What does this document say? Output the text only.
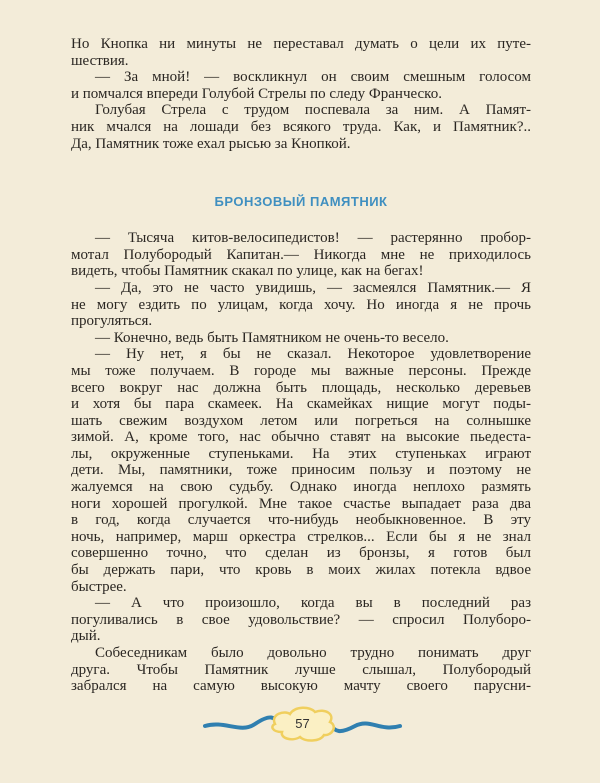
Но Кнопка ни минуты не переставал думать о цели их путе-
шествия.
— За мной! — воскликнул он своим смешным голосом
и помчался впереди Голубой Стрелы по следу Франческо.
Голубая Стрела с трудом поспевала за ним. А Памят-
ник мчался на лошади без всякого труда. Как, и Памятник?..
Да, Памятник тоже ехал рысью за Кнопкой.
БРОНЗОВЫЙ ПАМЯТНИК
— Тысяча китов-велосипедистов! — растерянно пробор-
мотал Полубородый Капитан.— Никогда мне не приходилось
видеть, чтобы Памятник скакал по улице, как на бегах!
— Да, это не часто увидишь, — засмеялся Памятник.— Я
не могу ездить по улицам, когда хочу. Но иногда я не прочь
прогуляться.
— Конечно, ведь быть Памятником не очень-то весело.
— Ну нет, я бы не сказал. Некоторое удовлетворение
мы тоже получаем. В городе мы важные персоны. Прежде
всего вокруг нас должна быть площадь, несколько деревьев
и хотя бы пара скамеек. На скамейках нищие могут поды-
шать свежим воздухом летом или погреться на солнышке
зимой. А, кроме того, нас обычно ставят на высокие пьедеста-
лы, окруженные ступеньками. На этих ступеньках играют
дети. Мы, памятники, тоже приносим пользу и поэтому не
жалуемся на свою судьбу. Однако иногда неплохо размять
ноги хорошей прогулкой. Мне такое счастье выпадает раза два
в год, когда случается что-нибудь необыкновенное. В эту
ночь, например, марш оркестра стрелков... Если бы я не знал
совершенно точно, что сделан из бронзы, я готов был
бы держать пари, что кровь в моих жилах потекла вдвое
быстрее.
— А что произошло, когда вы в последний раз
погуливались в свое удовольствие? — спросил Полуборо-
дый.
Собеседникам было довольно трудно понимать друг
друга. Чтобы Памятник лучше слышал, Полубородый
забрался на самую высокую мачту своего парусни-
57
